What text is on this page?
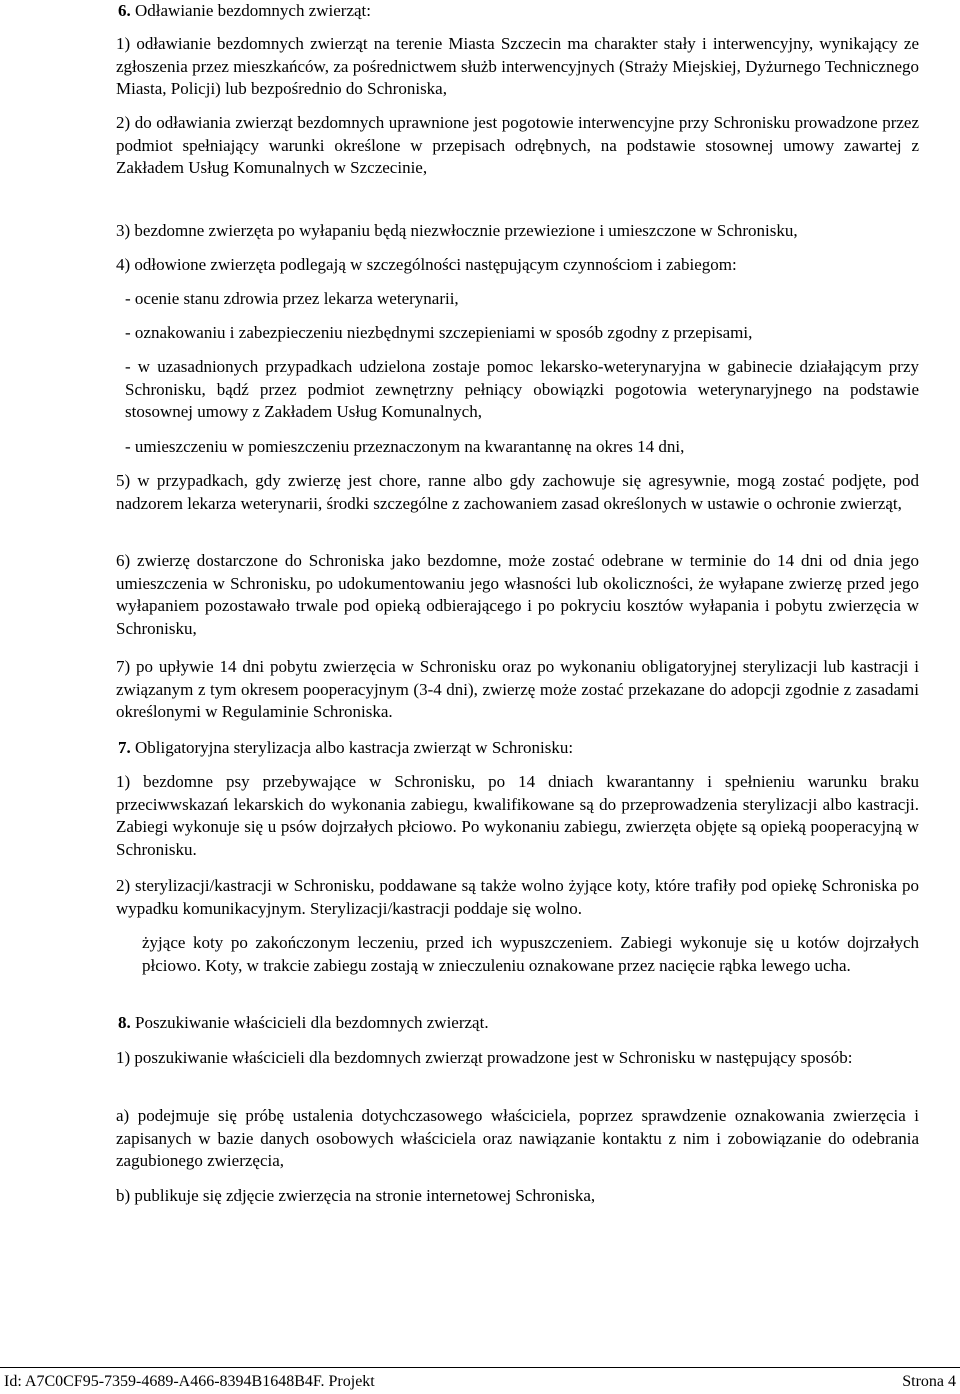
6. Odławianie bezdomnych zwierząt:
1) odławianie bezdomnych zwierząt na terenie Miasta Szczecin ma charakter stały i interwencyjny, wynikający ze zgłoszenia przez mieszkańców, za pośrednictwem służb interwencyjnych (Straży Miejskiej, Dyżurnego Technicznego Miasta, Policji) lub bezpośrednio do Schroniska,
2) do odławiania zwierząt bezdomnych uprawnione jest pogotowie interwencyjne przy Schronisku prowadzone przez podmiot spełniający warunki określone w przepisach odrębnych, na podstawie stosownej umowy zawartej z Zakładem Usług Komunalnych w Szczecinie,
3) bezdomne zwierzęta po wyłapaniu będą niezwłocznie przewiezione i umieszczone w Schronisku,
4) odłowione zwierzęta podlegają w szczególności następującym czynnościom i zabiegom:
- ocenie stanu zdrowia przez lekarza weterynarii,
- oznakowaniu i zabezpieczeniu niezbędnymi szczepieniami w sposób zgodny z przepisami,
- w uzasadnionych przypadkach udzielona zostaje pomoc lekarsko-weterynaryjna w gabinecie działającym przy Schronisku, bądź przez podmiot zewnętrzny pełniący obowiązki pogotowia weterynaryjnego na podstawie stosownej umowy z Zakładem Usług Komunalnych,
- umieszczeniu w pomieszczeniu przeznaczonym na kwarantannę na okres 14 dni,
5) w przypadkach, gdy zwierzę jest chore, ranne albo gdy zachowuje się agresywnie, mogą zostać podjęte, pod nadzorem lekarza weterynarii, środki szczególne z zachowaniem zasad określonych w ustawie o ochronie zwierząt,
6) zwierzę dostarczone do Schroniska jako bezdomne, może zostać odebrane w terminie do 14 dni od dnia jego umieszczenia w Schronisku, po udokumentowaniu jego własności lub okoliczności, że wyłapane zwierzę przed jego wyłapaniem pozostawało trwale pod opieką odbierającego i po pokryciu kosztów wyłapania i pobytu zwierzęcia w Schronisku,
7) po upływie 14 dni pobytu zwierzęcia w Schronisku oraz po wykonaniu obligatoryjnej sterylizacji lub kastracji i związanym z tym okresem pooperacyjnym (3-4 dni), zwierzę może zostać przekazane do adopcji zgodnie z zasadami określonymi w Regulaminie Schroniska.
7. Obligatoryjna sterylizacja albo kastracja zwierząt w Schronisku:
1) bezdomne psy przebywające w Schronisku, po 14 dniach kwarantanny i spełnieniu warunku braku przeciwwskazań lekarskich do wykonania zabiegu, kwalifikowane są do przeprowadzenia sterylizacji albo kastracji. Zabiegi wykonuje się u psów dojrzałych płciowo. Po wykonaniu zabiegu, zwierzęta objęte są opieką pooperacyjną w Schronisku.
2) sterylizacji/kastracji w Schronisku, poddawane są także wolno żyjące koty, które trafiły pod opiekę Schroniska po wypadku komunikacyjnym. Sterylizacji/kastracji poddaje się wolno.
żyjące koty po zakończonym leczeniu, przed ich wypuszczeniem. Zabiegi wykonuje się u kotów dojrzałych płciowo. Koty, w trakcie zabiegu zostają w znieczuleniu oznakowane przez nacięcie rąbka lewego ucha.
8. Poszukiwanie właścicieli dla bezdomnych zwierząt.
1) poszukiwanie właścicieli dla bezdomnych zwierząt prowadzone jest w Schronisku w następujący sposób:
a) podejmuje się próbę ustalenia dotychczasowego właściciela, poprzez sprawdzenie oznakowania zwierzęcia i zapisanych w bazie danych osobowych właściciela oraz nawiązanie kontaktu z nim i zobowiązanie do odebrania zagubionego zwierzęcia,
b) publikuje się zdjęcie zwierzęcia na stronie internetowej Schroniska,
Id: A7C0CF95-7359-4689-A466-8394B1648B4F. Projekt	Strona 4
